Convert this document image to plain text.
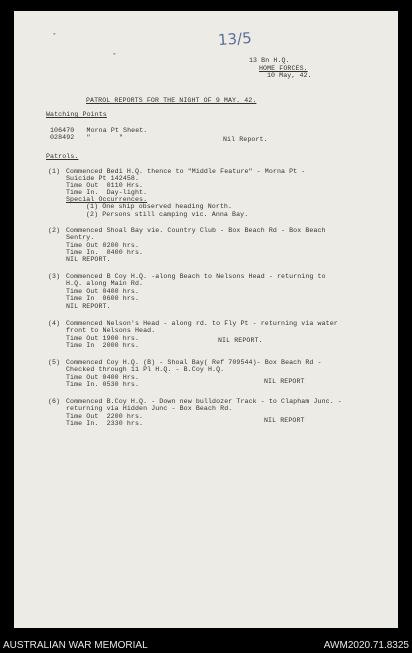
13/5
˚
˚	13 Bn H.Q.
HOME FORCES.
10 May, 42.
PATROL REPORTS FOR THE NIGHT OF 9 MAY. 42.
Watching Points
106470   Morna Pt Sheet.
028492   "       "	Nil Report.
Patrols.
(1) Commenced Bedi H.Q. thence to "Middle Feature" - Morna Pt -
Suicide Pt 142458.
Time Out  0110 Hrs.
Time In.  Day-light.
Special Occurrences.
(1) One ship observed heading North.
(2) Persons still camping vic. Anna Bay.
(2) Commenced Shoal Bay vie. Country Club - Box Beach Rd - Box Beach
Sentry.
Time Out 0200 hrs.
Time In.  0400 hrs.
NIL REPORT.
(3) Commenced B Coy H.Q. -along Beach to Nelsons Head - returning to
H.Q. along Main Rd.
Time Out 0400 hrs.
Time In  0600 hrs.
NIL REPORT.
(4) Commenced Nelson's Head - along rd. to Fly Pt - returning via water
front to Nelsons Head.
Time Out 1900 hrs.
Time In  2000 hrs.
NIL REPORT.
(5) Commenced Coy H.Q. (B) - Shoal Bay( Ref 709544)- Box Beach Rd -
Checked through 11 Pl H.Q. - B.Coy H.Q.
Time Out 0400 Hrs.
Time In. 0530 hrs.	NIL REPORT
(6) Commenced B.Coy H.Q. - Down new bulldozer Track - to Clapham Junc. -
returning via Hidden Junc - Box Beach Rd.
Time Out  2200 hrs.
Time In.  2330 hrs.	NIL REPORT
AUSTRALIAN WAR MEMORIAL	AWM2020.71.8325
